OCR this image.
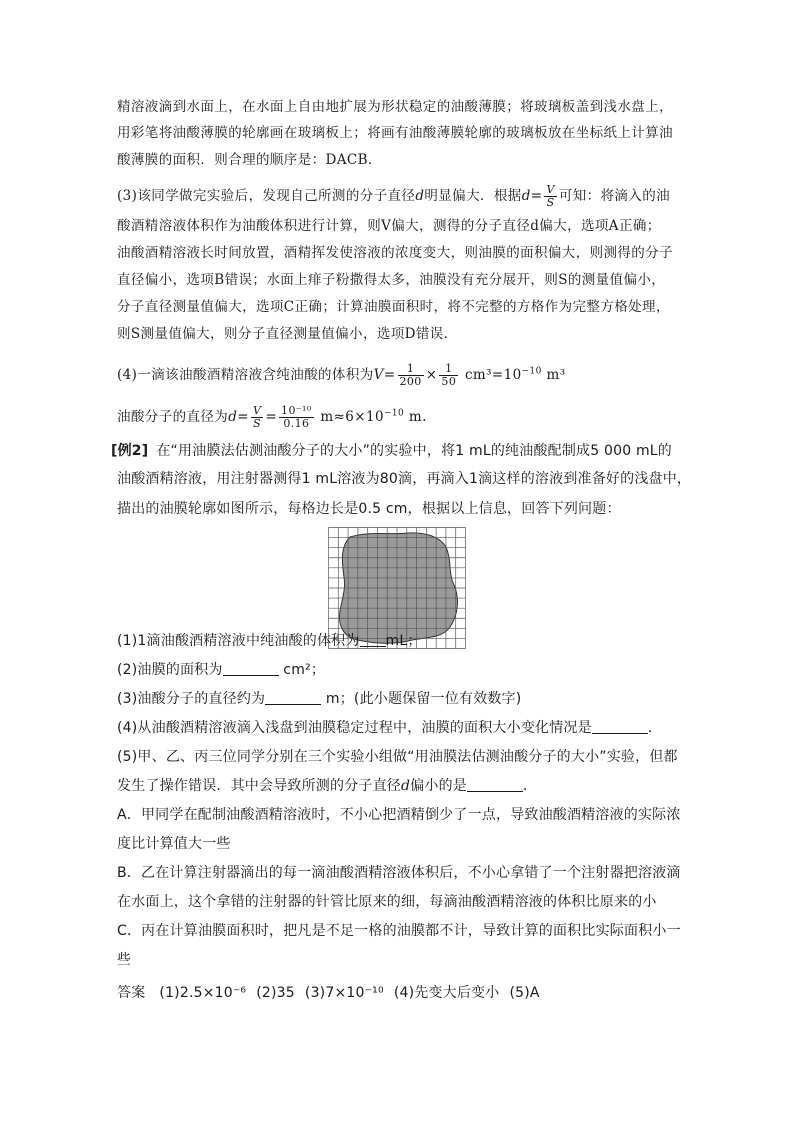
精溶液滴到水面上，在水面上自由地扩展为形状稳定的油酸薄膜；将玻璃板盖到浅水盘上，
用彩笔将油酸薄膜的轮廓画在玻璃板上；将画有油酸薄膜轮廓的玻璃板放在坐标纸上计算油
酸薄膜的面积．则合理的顺序是：DACB.
(3)该同学做完实验后，发现自己所测的分子直径d明显偏大．根据$d= \frac{V}{S}$ 可知：将滴入的油
酸酒精溶液体积作为油酸体积进行计算，则V偏大，测得的分子直径d偏大，选项A正确；
油酸酒精溶液长时间放置，酒精挥发使溶液的浓度变大，则油膜的面积偏大，则测得的分子
直径偏小，选项B错误；水面上痱子粉撒得太多，油膜没有充分展开，则S的测量值偏小，
分子直径测量值偏大，选项C正确；计算油膜面积时，将不完整的方格作为完整方格处理，
则S测量值偏大，则分子直径测量值偏小，选项D错误．
(4)一滴该油酸酒精溶液含纯油酸的体积为$V= \frac{1}{200} \times \frac{1}{50} cm^3=10^{-10}$ m³
油酸分子的直径为$d= \frac{V}{S} = \frac{\text{10⁻¹⁰}}{0.16} m\approx 6\times 10^{-10}$ m.
[例2] 在“用油膜法估测油酸分子的大小”的实验中，将1 mL的纯油酸配制成5 000 mL的
油酸酒精溶液，用注射器测得1 mL溶液为80滴，再滴入1滴这样的溶液到准备好的浅盘中，
描出的油膜轮廓如图所示，每格边长是0.5 cm，根据以上信息，回答下列问题：
(1)1滴油酸酒精溶液中纯油酸的体积为 mL；
(2)油膜的面积为	cm²；
(3)油酸分子的直径约为	m；(此小题保留一位有效数字)
(4)从油酸酒精溶液滴入浅盘到油膜稳定过程中，油膜的面积大小变化情况是	．
(5)甲、乙、丙三位同学分别在三个实验小组做“用油膜法估测油酸分子的大小”实验，但都
发生了操作错误．其中会导致所测的分子直径d偏小的是	．
A．甲同学在配制油酸酒精溶液时，不小心把酒精倒少了一点，导致油酸酒精溶液的实际浓
度比计算值大一些
B．乙在计算注射器滴出的每一滴油酸酒精溶液体积后，不小心拿错了一个注射器把溶液滴
在水面上，这个拿错的注射器的针管比原来的细，每滴油酸酒精溶液的体积比原来的小
C．丙在计算油膜面积时，把凡是不足一格的油膜都不计，导致计算的面积比实际面积小一
些
答案 (1)2.5×10⁻⁶ (2)35 (3)7×10⁻¹⁰ (4)先变大后变小 (5)A
